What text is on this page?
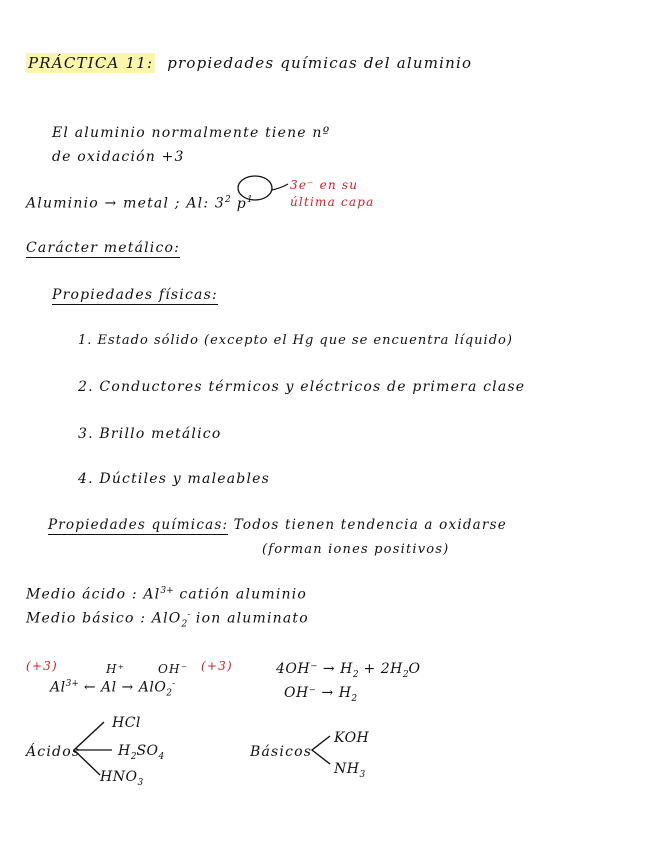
PRÁCTICA 11: propiedades químicas del aluminio
El aluminio normalmente tiene nº
de oxidación +3
Aluminio → metal ; Al: $3^2$ $p^1$
3e⁻ en su
última capa
Carácter metálico:
Propiedades físicas:
1. Estado sólido (excepto el Hg que se encuentra líquido)
2. Conductores térmicos y eléctricos de primera clase
3. Brillo metálico
4. Dúctiles y maleables
Propiedades químicas: Todos tienen tendencia a oxidarse
(forman iones positivos)
Medio ácido : $Al^{3+}$ catión aluminio
Medio básico : AlO$_2$- ion aluminato
(+3)	(+3)
H⁺	OH⁻
$Al^{3+}$ ← Al → AlO$_2$-
$4OH^- \to H_2 + 2H_2O$
$OH^- \to H_2$
Ácidos
HCl
$H_2SO_4$
$HNO_3$
Básicos
KOH
$NH_3$
